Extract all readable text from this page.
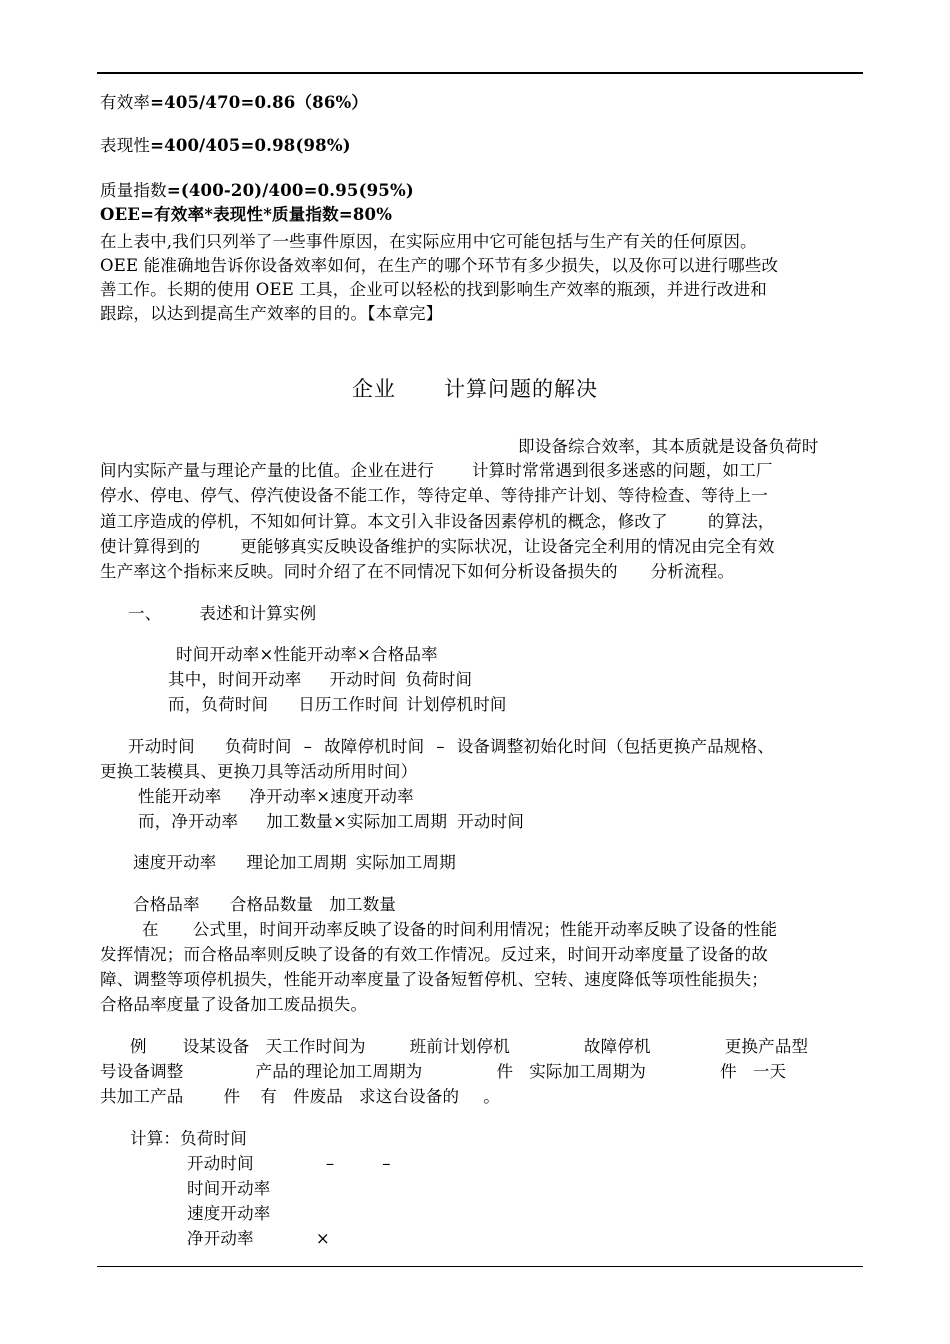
有效率=405/470=0.86（86%）
表现性=400/405=0.98(98%)
质量指数=(400-20)/400=0.95(95%)
OEE=有效率*表现性*质量指数=80%
在上表中,我们只列举了一些事件原因，在实际应用中它可能包括与生产有关的任何原因。
OEE 能准确地告诉你设备效率如何，在生产的哪个环节有多少损失，以及你可以进行哪些改
善工作。长期的使用 OEE 工具，企业可以轻松的找到影响生产效率的瓶颈，并进行改进和
跟踪，以达到提高生产效率的目的。【本章完】
企业 计算问题的解决
即设备综合效率，其本质就是设备负荷时
间内实际产量与理论产量的比值。企业在进行 计算时常常遇到很多迷惑的问题，如工厂
停水、停电、停气、停汽使设备不能工作，等待定单、等待排产计划、等待检查、等待上一
道工序造成的停机，不知如何计算。本文引入非设备因素停机的概念，修改了 的算法，
使计算得到的 更能够真实反映设备维护的实际状况，让设备完全利用的情况由完全有效
生产率这个指标来反映。同时介绍了在不同情况下如何分析设备损失的 分析流程。
一、 表述和计算实例
时间开动率×性能开动率×合格品率
其中，时间开动率 开动时间 负荷时间
而，负荷时间 日历工作时间 计划停机时间
开动时间 负荷时间 – 故障停机时间 – 设备调整初始化时间（包括更换产品规格、
更换工装模具、更换刀具等活动所用时间）
性能开动率 净开动率×速度开动率
而，净开动率 加工数量×实际加工周期 开动时间
速度开动率 理论加工周期 实际加工周期
合格品率 合格品数量 加工数量
在 公式里，时间开动率反映了设备的时间利用情况；性能开动率反映了设备的性能
发挥情况；而合格品率则反映了设备的有效工作情况。反过来，时间开动率度量了设备的故
障、调整等项停机损失，性能开动率度量了设备短暂停机、空转、速度降低等项性能损失；
合格品率度量了设备加工废品损失。
例 设某设备 天工作时间为	班前计划停机	故障停机	更换产品型
号设备调整	产品的理论加工周期为	件 实际加工周期为	件 一天
共加工产品 件 有 件废品 求这台设备的 。
计算：负荷时间
开动时间	–	–
时间开动率
速度开动率
净开动率	×
